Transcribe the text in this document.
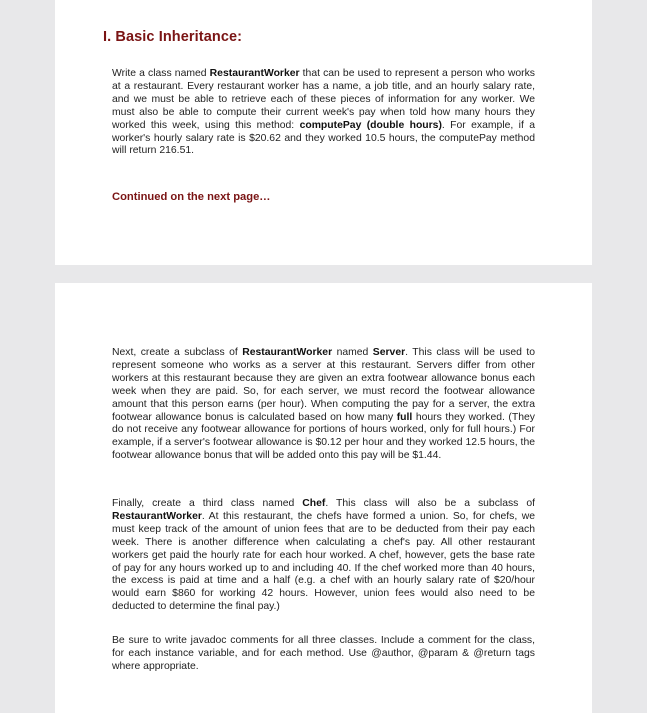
I. Basic Inheritance:

Write a class named RestaurantWorker that can be used to represent a person who works at a restaurant. Every restaurant worker has a name, a job title, and an hourly salary rate, and we must be able to retrieve each of these pieces of information for any worker. We must also be able to compute their current week's pay when told how many hours they worked this week, using this method: computePay (double hours). For example, if a worker's hourly salary rate is $20.62 and they worked 10.5 hours, the computePay method will return 216.51.

Continued on the next page…

Next, create a subclass of RestaurantWorker named Server. This class will be used to represent someone who works as a server at this restaurant. Servers differ from other workers at this restaurant because they are given an extra footwear allowance bonus each week when they are paid. So, for each server, we must record the footwear allowance amount that this person earns (per hour). When computing the pay for a server, the extra footwear allowance bonus is calculated based on how many full hours they worked. (They do not receive any footwear allowance for portions of hours worked, only for full hours.) For example, if a server's footwear allowance is $0.12 per hour and they worked 12.5 hours, the footwear allowance bonus that will be added onto this pay will be $1.44.

Finally, create a third class named Chef. This class will also be a subclass of RestaurantWorker. At this restaurant, the chefs have formed a union. So, for chefs, we must keep track of the amount of union fees that are to be deducted from their pay each week. There is another difference when calculating a chef's pay. All other restaurant workers get paid the hourly rate for each hour worked. A chef, however, gets the base rate of pay for any hours worked up to and including 40. If the chef worked more than 40 hours, the excess is paid at time and a half (e.g. a chef with an hourly salary rate of $20/hour would earn $860 for working 42 hours. However, union fees would also need to be deducted to determine the final pay.)

Be sure to write javadoc comments for all three classes. Include a comment for the class, for each instance variable, and for each method. Use @author, @param & @return tags where appropriate.
